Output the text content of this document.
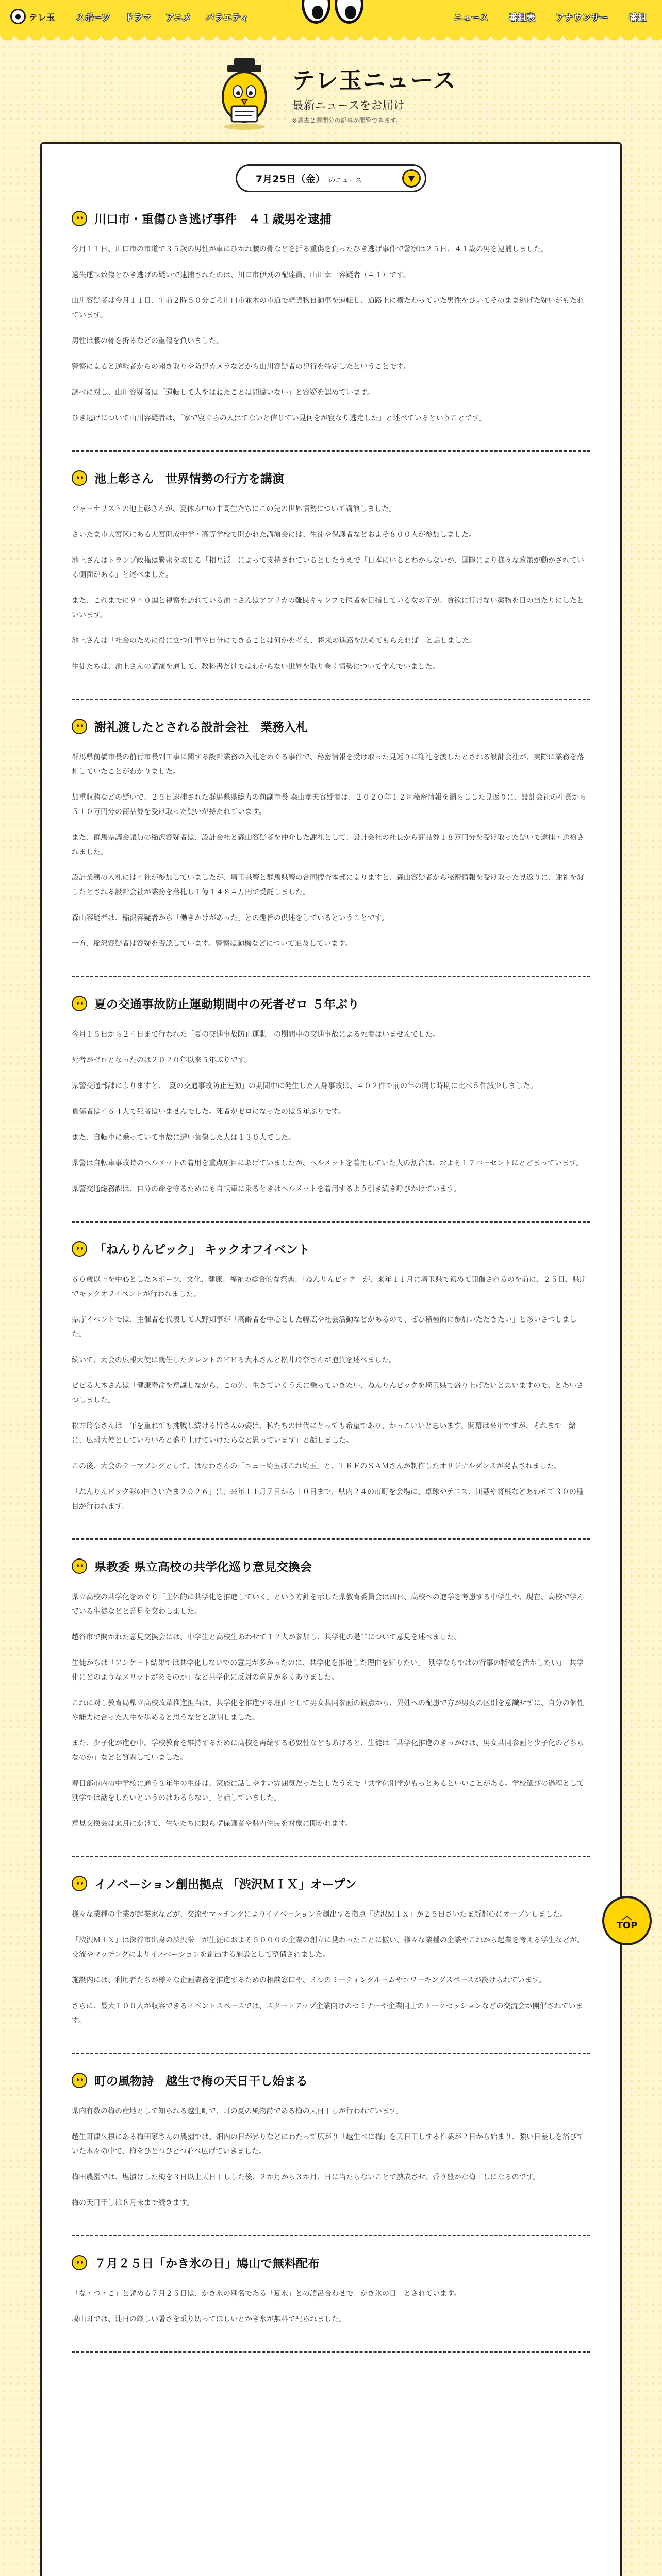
● テレ玉 スポーツ ドラマ アニメ バラエティ	ニュース 番組表 アナウンサー 番組
テレ玉ニュース
最新ニュースをお届け
※過去２週間分の記事が閲覧できます。
7月25日（金） のニュース	▼
川口市・重傷ひき逃げ事件　４１歳男を逮捕

今月１１日、川口市の市道で３５歳の男性が車にひかれ腰の骨などを折る重傷を負ったひき逃げ事件で警察は２５日、４１歳の男を逮捕しました。

過失運転致傷とひき逃げの疑いで逮捕されたのは、川口市伊刈の配達員、山川幸一容疑者（４１）です。

山川容疑者は今月１１日、午前２時５０分ごろ川口市並木の市道で軽貨物自動車を運転し、道路上に横たわっていた男性をひいてそのまま逃げた疑いがもたれています。

男性は腰の骨を折るなどの重傷を負いました。

警察によると通報者からの聞き取りや防犯カメラなどから山川容疑者の犯行を特定したということです。

調べに対し、山川容疑者は「運転して人をはねたことは間違いない」と容疑を認めています。

ひき逃げについて山川容疑者は、「家で寝ぐらの人はてないと信じてい見何をが寝なり逃走した」と述べているということです。

池上彰さん　世界情勢の行方を講演

ジャーナリストの池上彰さんが、夏休み中の中高生たちにこの先の世界情勢について講演しました。

さいたま市大宮区にある大宮開成中学・高等学校で開かれた講演会には、生徒や保護者などおよそ８００人が参加しました。

池上さんはトランプ政権は緊密を取じる「相互派」によって支持されているとしたうえで「日本にいるとわからないが、国際により様々な政策が動かされている側面がある」と述べました。

また、これまでに９４０国と視察を訪れている池上さんはアフリカの難民キャンプで医者を目指している女の子が、貪欲に行けない薬物を目の当たりにしたといいます。

池上さんは「社会のために役に立つ仕事や自分にできることは何かを考え、将来の進路を決めてもらえれば」と話しました。

生徒たちは、池上さんの講演を通して、教科書だけではわからない世界を取り巻く情勢について学んでいました。

謝礼渡したとされる設計会社　業務入札

群馬県前橋市長の前行市長副工事に関する設計業務の入札をめぐる事件で、秘密情報を受け取った見返りに謝礼を渡したとされる設計会社が、実際に業務を落札していたことがわかりました。

加重収賄などの疑いで、２５日逮捕された群馬県県総力の前副市長 森山孝夫容疑者は、２０２０年１２月秘密情報を漏らしした見返りに、設計会社の社長から５１０万円分の商品券を受け取った疑いが持たれています。

また、群馬県議会議員の稲沢容疑者は、設計会社と森山容疑者を仲介した謝礼として、設計会社の社長から商品券１８万円分を受け取った疑いで逮捕・送検されました。

設計業務の入札には４社が参加していましたが、埼玉県警と群馬県警の合同捜査本部によりますと、森山容疑者から秘密情報を受け取った見返りに、謝礼を渡したとされる設計会社が業務を落札し１億１４８４万円で受託しました。

森山容疑者は、稲沢容疑者から「働きかけがあった」との趣旨の供述をしているということです。

一方、稲沢容疑者は容疑を否認しています。警察は動機などについて追及しています。

夏の交通事故防止運動期間中の死者ゼロ ５年ぶり

今月１５日から２４日まで行われた「夏の交通事故防止運動」の期間中の交通事故による死者はいませんでした。

死者がゼロとなったのは２０２０年以来５年ぶりです。

県警交通部課によりますと、「夏の交通事故防止運動」の期間中に発生した人身事故は、４０２件で前の年の同じ時期に比べ５件減少しました。

負傷者は４６４人で死者はいませんでした。死者がゼロになったのは５年ぶりです。

また、自転車に乗っていて事故に遭い負傷した人は１３０人でした。

県警は自転車事故時のヘルメットの着用を重点項目にあげていましたが、ヘルメットを着用していた人の割合は、およそ１７パーセントにとどまっています。

県警交通総務課は、自分の命を守るためにも自転車に乗るときはヘルメットを着用するよう引き続き呼びかけています。

「ねんりんピック」 キックオフイベント

６０歳以上を中心としたスポーツ、文化、健康、福祉の総合的な祭典、「ねんりんピック」が、来年１１月に埼玉県で初めて開催されるのを前に、２５日、県庁でキックオフイベントが行われました。

県庁イベントでは、主催者を代表して大野知事が「高齢者を中心とした幅広や社会活動などがあるので、ぜひ積極的に参加いただきたい」とあいさつしました。

続いて、大会の広報大使に就任したタレントのビビる大木さんと松井玲奈さんが抱負を述べました。

ビビる大木さんは「健康寿命を意識しながら、この先、生きていくうえに乗っていきたい、ねんりんピックを埼玉県で盛り上げたいと思いますので、とあいさつしました。

松井玲奈さんは「年を重ねても挑戦し続ける皆さんの姿は、私たちの世代にとっても希望であり、かっこいいと思います。開幕は来年ですが、それまで一緒に、広報大使としていろいろと盛り上げていけたらなと思っています」と話しました。

この後、大会のテーマソングとして、はなわさんの「ニュー埼玉ぼこれ埼玉」と、ＴＲＦのＳＡＭさんが制作したオリジナルダンスが発表されました。

「ねんりんピック彩の国さいたま２０２６」は、来年１１月７日から１０日まで、県内２４の市町を会場に、卓球やテニス、囲碁や将棋などあわせて３０の種目が行われます。

県教委 県立高校の共学化巡り意見交換会

県立高校の共学化をめぐり「主体的に共学化を推進していく」という方針を示した県教育委員会は四日、高校への進学を考慮する中学生や、現在、高校で学んでいる生徒などと意見を交わしました。

越谷市で開かれた意見交換会には、中学生と高校生あわせて１２人が参加し、共学化の是非について意見を述べました。

生徒からは「アンケート結果では共学化しないでの意見が多かったのに、共学化を推進した理由を知りたい」「別学ならではの行事の特徴を活かしたい」「共学化にどのようなメリットがあるのか」など共学化に反対の意見が多くありました。

これに対し教育局県立高校改革推進担当は、共学化を推進する理由として男女共同参画の観点から、異姓への配慮で方が男女の区別を意識せずに、自分の個性や能力に合った人生を歩めると思うなどと説明しました。

また、少子化が進む中、学校教育を維持するために高校を再編する必要性などもあげると、生徒は「共学化推進のきっかけは、男女共同参画と少子化のどちらなのか」などと質問していました。

春日部市内の中学校に通う３年生の生徒は、家族に話しやすい雰囲気だったとしたうえで「共学化別学がもっとあるといいことがある。学校選びの過程として別学では話をしたいというのはあるらない」と話していました。

意見交換会は来月にかけて、生徒たちに限らず保護者や県内住民を対象に開かれます。

イノベーション創出拠点 「渋沢ＭＩＸ」オープン

様々な業種の企業が起業家などが、交流やマッチングによりイノベーションを創出する拠点「渋沢ＭＩＸ」が２５日さいたま新都心にオープンしました。

「渋沢ＭＩＸ」は深谷市出身の渋沢栄一が生涯におよそ５０００の企業の創立に携わったことに倣い、様々な業種の企業やこれから起業を考える学生などが、交流やマッチングによりイノベーションを創出する施設として整備されました。

施設内には、利用者たちが様々な企画業務を推進するための相談窓口や、３つのミーティングルームやコワーキングスペースが設けられています。

さらに、最大１００人が収容できるイベントスペースでは、スタートアップ企業向けのセミナーや企業同士のトークセッションなどの交流会が開催されています。

町の風物詩　越生で梅の天日干し始まる

県内有数の梅の産地として知られる越生町で、町の夏の風物詩である梅の天日干しが行われています。

越生町津久根にある梅田家さんの農園では、畑内の日が昇りなどにわたって広がり「越生べに梅」を天日干しする作業が２日から始まり、強い日差しを浴びていた木々の中で、梅をひとつひとつ並べ広げていきました。

梅田農園では、塩漬けした梅を３日以上天日干しした後、２か月から３か月、日に当たらないことで熟成させ、香り豊かな梅干しになるのです。

梅の天日干しは８月末まで続きます。

７月２５日「かき氷の日」鳩山で無料配布

「な・つ・ご」と読める７月２５日は、かき氷の別名である「夏氷」との語呂合わせで「かき氷の日」とされています。

鳩山町では、連日の厳しい暑さを乗り切ってほしいとかき氷が無料で配られました。

︿
TOP
